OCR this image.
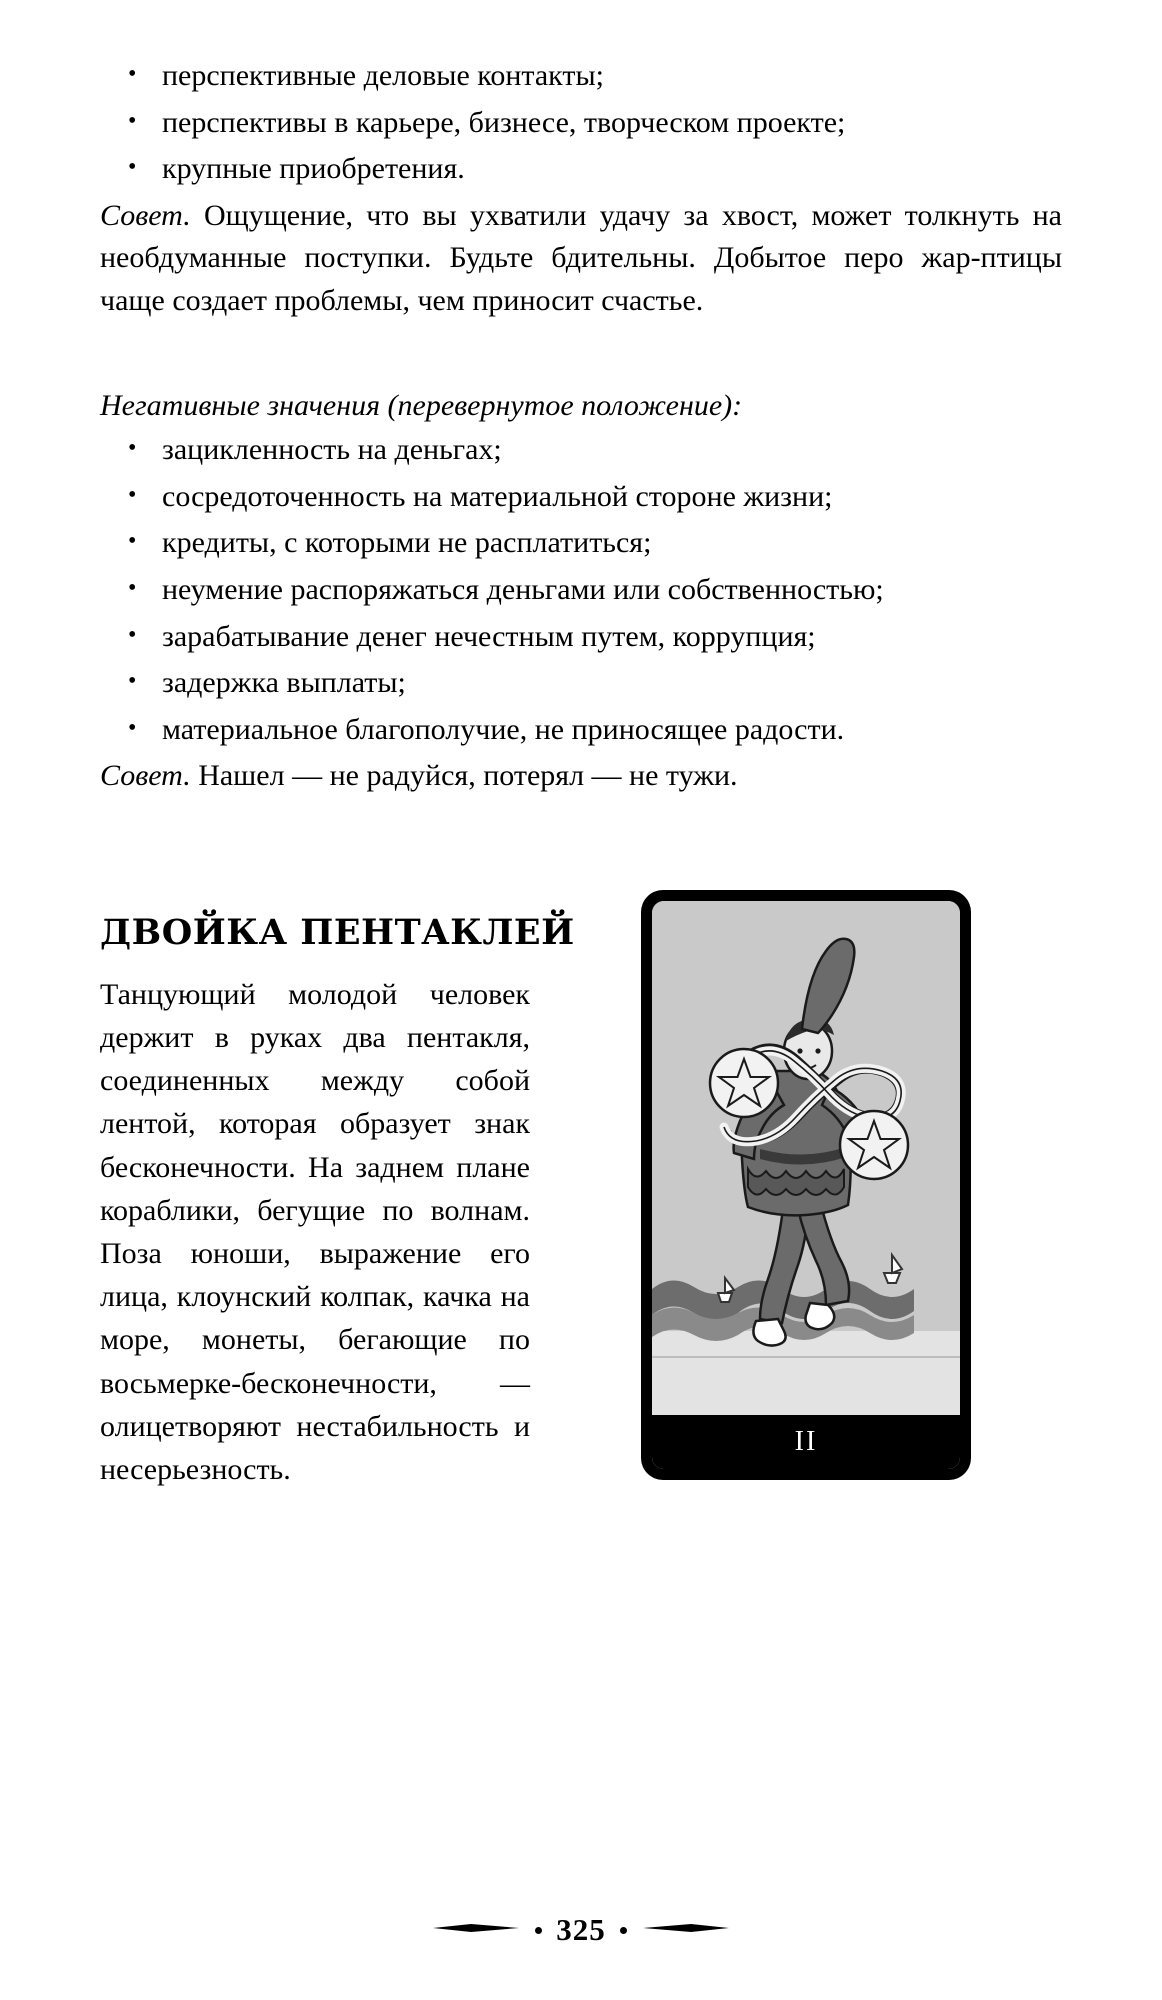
• перспективные деловые контакты;
• перспективы в карьере, бизнесе, творческом проекте;
• крупные приобретения.

Совет. Ощущение, что вы ухватили удачу за хвост, может толкнуть на необдуманные поступки. Будьте бдительны. Добытое перо жар-птицы чаще создает проблемы, чем приносит счастье.

Негативные значения (перевернутое положение):

• зацикленность на деньгах;
• сосредоточенность на материальной стороне жизни;
• кредиты, с которыми не расплатиться;
• неумение распоряжаться деньгами или собственностью;
• зарабатывание денег нечестным путем, коррупция;
• задержка выплаты;
• материальное благополучие, не приносящее радости.

Совет. Нашел — не радуйся, потерял — не тужи.

ДВОЙКА ПЕНТАКЛЕЙ

Танцующий молодой человек держит в руках два пентакля, соединенных между собой лентой, которая образует знак бесконечности. На заднем плане кораблики, бегущие по волнам. Поза юноши, выражение его лица, клоунский колпак, качка на море, монеты, бегающие по восьмерке-бесконечности, — олицетворяют нестабильность и несерьезность.

II
325
